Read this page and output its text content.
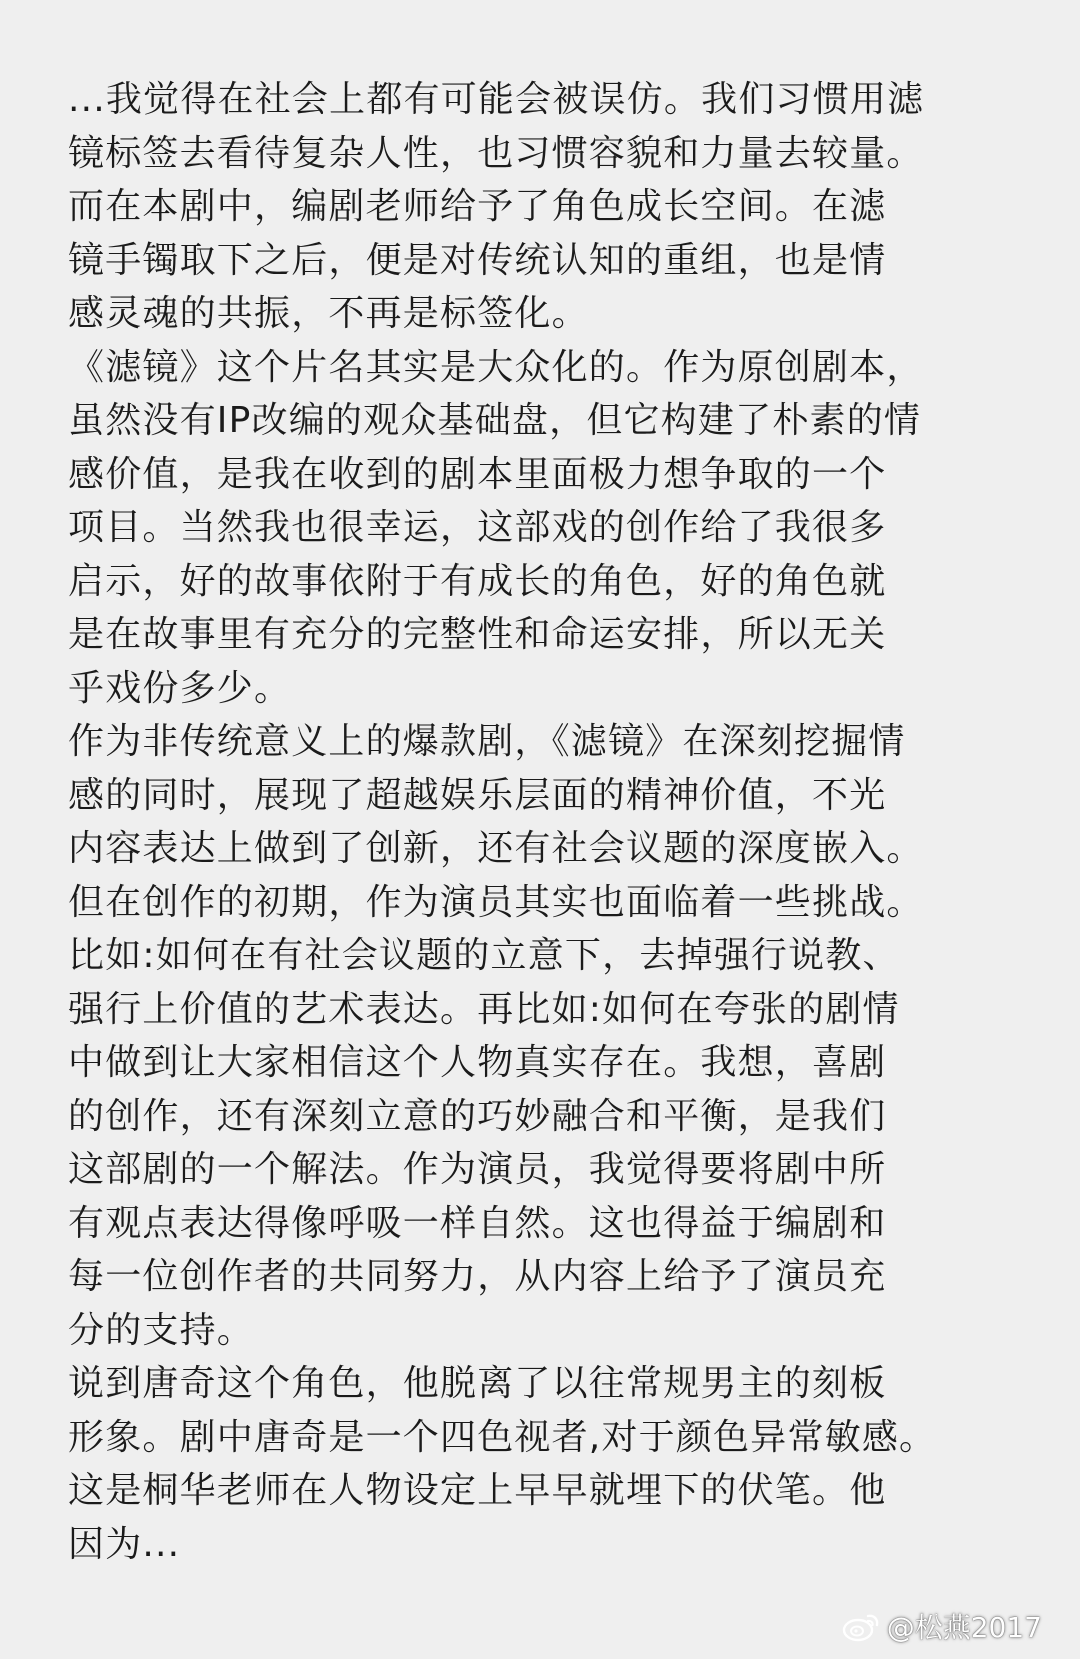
...我觉得在社会上都有可能会被误仿。我们习惯用滤
镜标签去看待复杂人性，也习惯容貌和力量去较量。
而在本剧中，编剧老师给予了角色成长空间。在滤
镜手镯取下之后，便是对传统认知的重组，也是情
感灵魂的共振，不再是标签化。
《滤镜》这个片名其实是大众化的。作为原创剧本，
虽然没有IP改编的观众基础盘，但它构建了朴素的情
感价值，是我在收到的剧本里面极力想争取的一个
项目。当然我也很幸运，这部戏的创作给了我很多
启示，好的故事依附于有成长的角色，好的角色就
是在故事里有充分的完整性和命运安排，所以无关
乎戏份多少。
作为非传统意义上的爆款剧，《滤镜》在深刻挖掘情
感的同时，展现了超越娱乐层面的精神价值，不光
内容表达上做到了创新，还有社会议题的深度嵌入。
但在创作的初期，作为演员其实也面临着一些挑战。
比如:如何在有社会议题的立意下，去掉强行说教、
强行上价值的艺术表达。再比如:如何在夸张的剧情
中做到让大家相信这个人物真实存在。我想，喜剧
的创作，还有深刻立意的巧妙融合和平衡，是我们
这部剧的一个解法。作为演员，我觉得要将剧中所
有观点表达得像呼吸一样自然。这也得益于编剧和
每一位创作者的共同努力，从内容上给予了演员充
分的支持。
说到唐奇这个角色，他脱离了以往常规男主的刻板
形象。剧中唐奇是一个四色视者,对于颜色异常敏感。
这是桐华老师在人物设定上早早就埋下的伏笔。他
因为...
@松燕2017
